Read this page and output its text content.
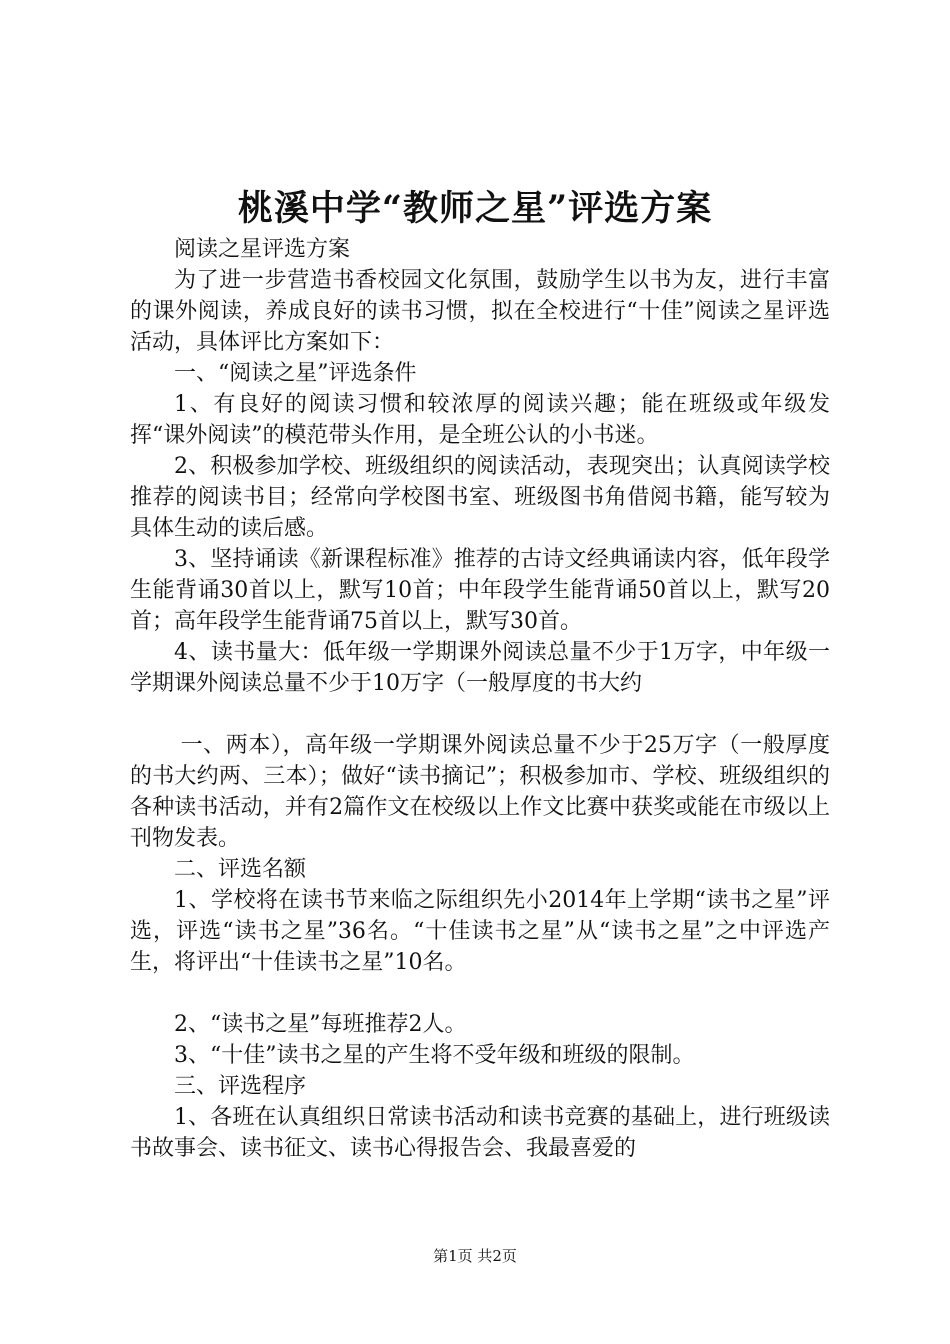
桃溪中学“教师之星”评选方案

阅读之星评选方案

为了进一步营造书香校园文化氛围，鼓励学生以书为友，进行丰富的课外阅读，养成良好的读书习惯，拟在全校进行“十佳”阅读之星评选活动，具体评比方案如下：

一、“阅读之星”评选条件

1、有良好的阅读习惯和较浓厚的阅读兴趣；能在班级或年级发挥“课外阅读”的模范带头作用，是全班公认的小书迷。

2、积极参加学校、班级组织的阅读活动，表现突出；认真阅读学校推荐的阅读书目；经常向学校图书室、班级图书角借阅书籍，能写较为具体生动的读后感。

3、坚持诵读《新课程标准》推荐的古诗文经典诵读内容，低年段学生能背诵30首以上，默写10首；中年段学生能背诵50首以上，默写20首；高年段学生能背诵75首以上，默写30首。

4、读书量大：低年级一学期课外阅读总量不少于1万字，中年级一学期课外阅读总量不少于10万字（一般厚度的书大约

一、两本），高年级一学期课外阅读总量不少于25万字（一般厚度的书大约两、三本）；做好“读书摘记”；积极参加市、学校、班级组织的各种读书活动，并有2篇作文在校级以上作文比赛中获奖或能在市级以上刊物发表。

二、评选名额

1、学校将在读书节来临之际组织先小2014年上学期“读书之星”评选，评选“读书之星”36名。“十佳读书之星”从“读书之星”之中评选产生，将评出“十佳读书之星”10名。

2、“读书之星”每班推荐2人。

3、“十佳”读书之星的产生将不受年级和班级的限制。

三、评选程序

1、各班在认真组织日常读书活动和读书竞赛的基础上，进行班级读书故事会、读书征文、读书心得报告会、我最喜爱的

第1页 共2页
